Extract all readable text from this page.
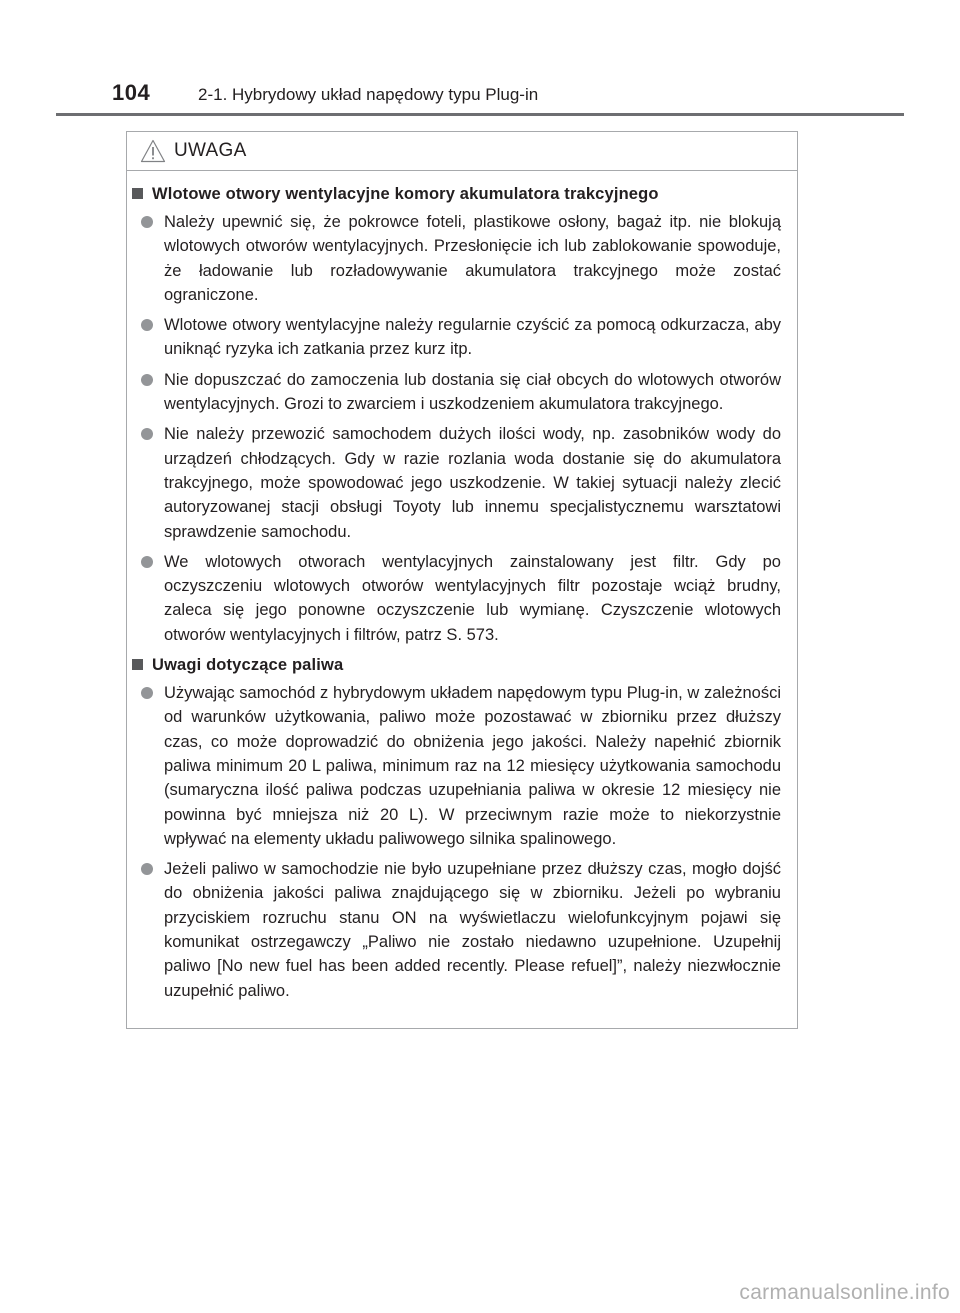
104	2-1. Hybrydowy układ napędowy typu Plug-in
UWAGA
Wlotowe otwory wentylacyjne komory akumulatora trakcyjnego
Należy upewnić się, że pokrowce foteli, plastikowe osłony, bagaż itp. nie blokują wlotowych otworów wentylacyjnych. Przesłonięcie ich lub zablokowanie spowoduje, że ładowanie lub rozładowywanie akumulatora trakcyjnego może zostać ograniczone.
Wlotowe otwory wentylacyjne należy regularnie czyścić za pomocą odkurzacza, aby uniknąć ryzyka ich zatkania przez kurz itp.
Nie dopuszczać do zamoczenia lub dostania się ciał obcych do wlotowych otworów wentylacyjnych. Grozi to zwarciem i uszkodzeniem akumulatora trakcyjnego.
Nie należy przewozić samochodem dużych ilości wody, np. zasobników wody do urządzeń chłodzących. Gdy w razie rozlania woda dostanie się do akumulatora trakcyjnego, może spowodować jego uszkodzenie. W takiej sytuacji należy zlecić autoryzowanej stacji obsługi Toyoty lub innemu specjalistycznemu warsztatowi sprawdzenie samochodu.
We wlotowych otworach wentylacyjnych zainstalowany jest filtr. Gdy po oczyszczeniu wlotowych otworów wentylacyjnych filtr pozostaje wciąż brudny, zaleca się jego ponowne oczyszczenie lub wymianę. Czyszczenie wlotowych otworów wentylacyjnych i filtrów, patrz S. 573.
Uwagi dotyczące paliwa
Używając samochód z hybrydowym układem napędowym typu Plug-in, w zależności od warunków użytkowania, paliwo może pozostawać w zbiorniku przez dłuższy czas, co może doprowadzić do obniżenia jego jakości. Należy napełnić zbiornik paliwa minimum 20 L paliwa, minimum raz na 12 miesięcy użytkowania samochodu (sumaryczna ilość paliwa podczas uzupełniania paliwa w okresie 12 miesięcy nie powinna być mniejsza niż 20 L). W przeciwnym razie może to niekorzystnie wpływać na elementy układu paliwowego silnika spalinowego.
Jeżeli paliwo w samochodzie nie było uzupełniane przez dłuższy czas, mogło dojść do obniżenia jakości paliwa znajdującego się w zbiorniku. Jeżeli po wybraniu przyciskiem rozruchu stanu ON na wyświetlaczu wielofunkcyjnym pojawi się komunikat ostrzegawczy „Paliwo nie zostało niedawno uzupełnione. Uzupełnij paliwo [No new fuel has been added recently. Please refuel]”, należy niezwłocznie uzupełnić paliwo.
carmanualsonline.info
